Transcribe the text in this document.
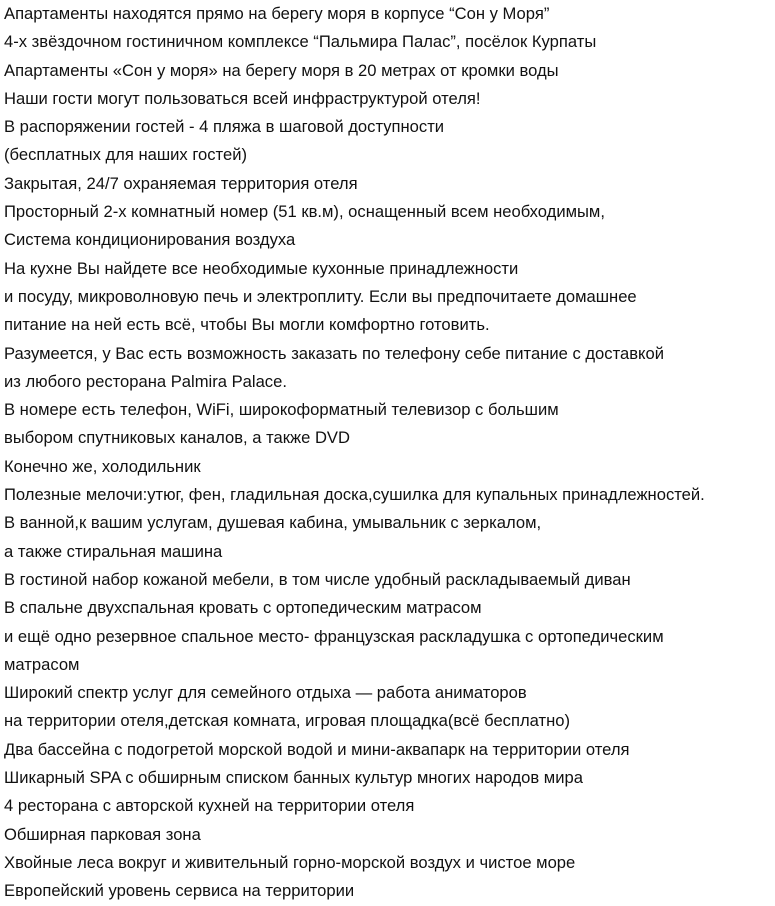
Апартаменты находятся прямо на берегу моря в корпусе “Сон у Моря”
4-х звёздочном гостиничном комплексе “Пальмира Палас”, посёлок Курпаты
Апартаменты «Сон у моря» на берегу моря в 20 метрах от кромки воды
Наши гости могут пользоваться всей инфраструктурой отеля!
В распоряжении гостей - 4 пляжа в шаговой доступности
(бесплатных для наших гостей)
Закрытая, 24/7 охраняемая территория отеля
Просторный 2-х комнатный номер (51 кв.м), оснащенный всем необходимым,
Система кондиционирования воздуха
На кухне Вы найдете все необходимые кухонные принадлежности
и посуду, микроволновую печь и электроплиту. Если вы предпочитаете домашнее
питание на ней есть всё, чтобы Вы могли комфортно готовить.
Разумеется, у Вас есть возможность заказать по телефону себе питание с доставкой
из любого ресторана Palmira Palace.
В номере есть телефон, WiFi, широкоформатный телевизор с большим
выбором спутниковых каналов, а также DVD
Конечно же, холодильник
Полезные мелочи:утюг, фен, гладильная доска,сушилка для купальных принадлежностей.
В ванной,к вашим услугам, душевая кабина, умывальник с зеркалом,
а также стиральная машина
В гостиной набор кожаной мебели, в том числе удобный раскладываемый диван
В спальне двухспальная кровать с ортопедическим матрасом
и ещё одно резервное спальное место- французская раскладушка с ортопедическим
матрасом
Широкий спектр услуг для семейного отдыха — работа аниматоров
на территории отеля,детская комната, игровая площадка(всё бесплатно)
Два бассейна с подогретой морской водой и мини-аквапарк на территории отеля
Шикарный SPA с обширным списком банных культур многих народов мира
4 ресторана с авторской кухней на территории отеля
Обширная парковая зона
Хвойные леса вокруг и живительный горно-морской воздух и чистое море
Европейский уровень сервиса на территории
